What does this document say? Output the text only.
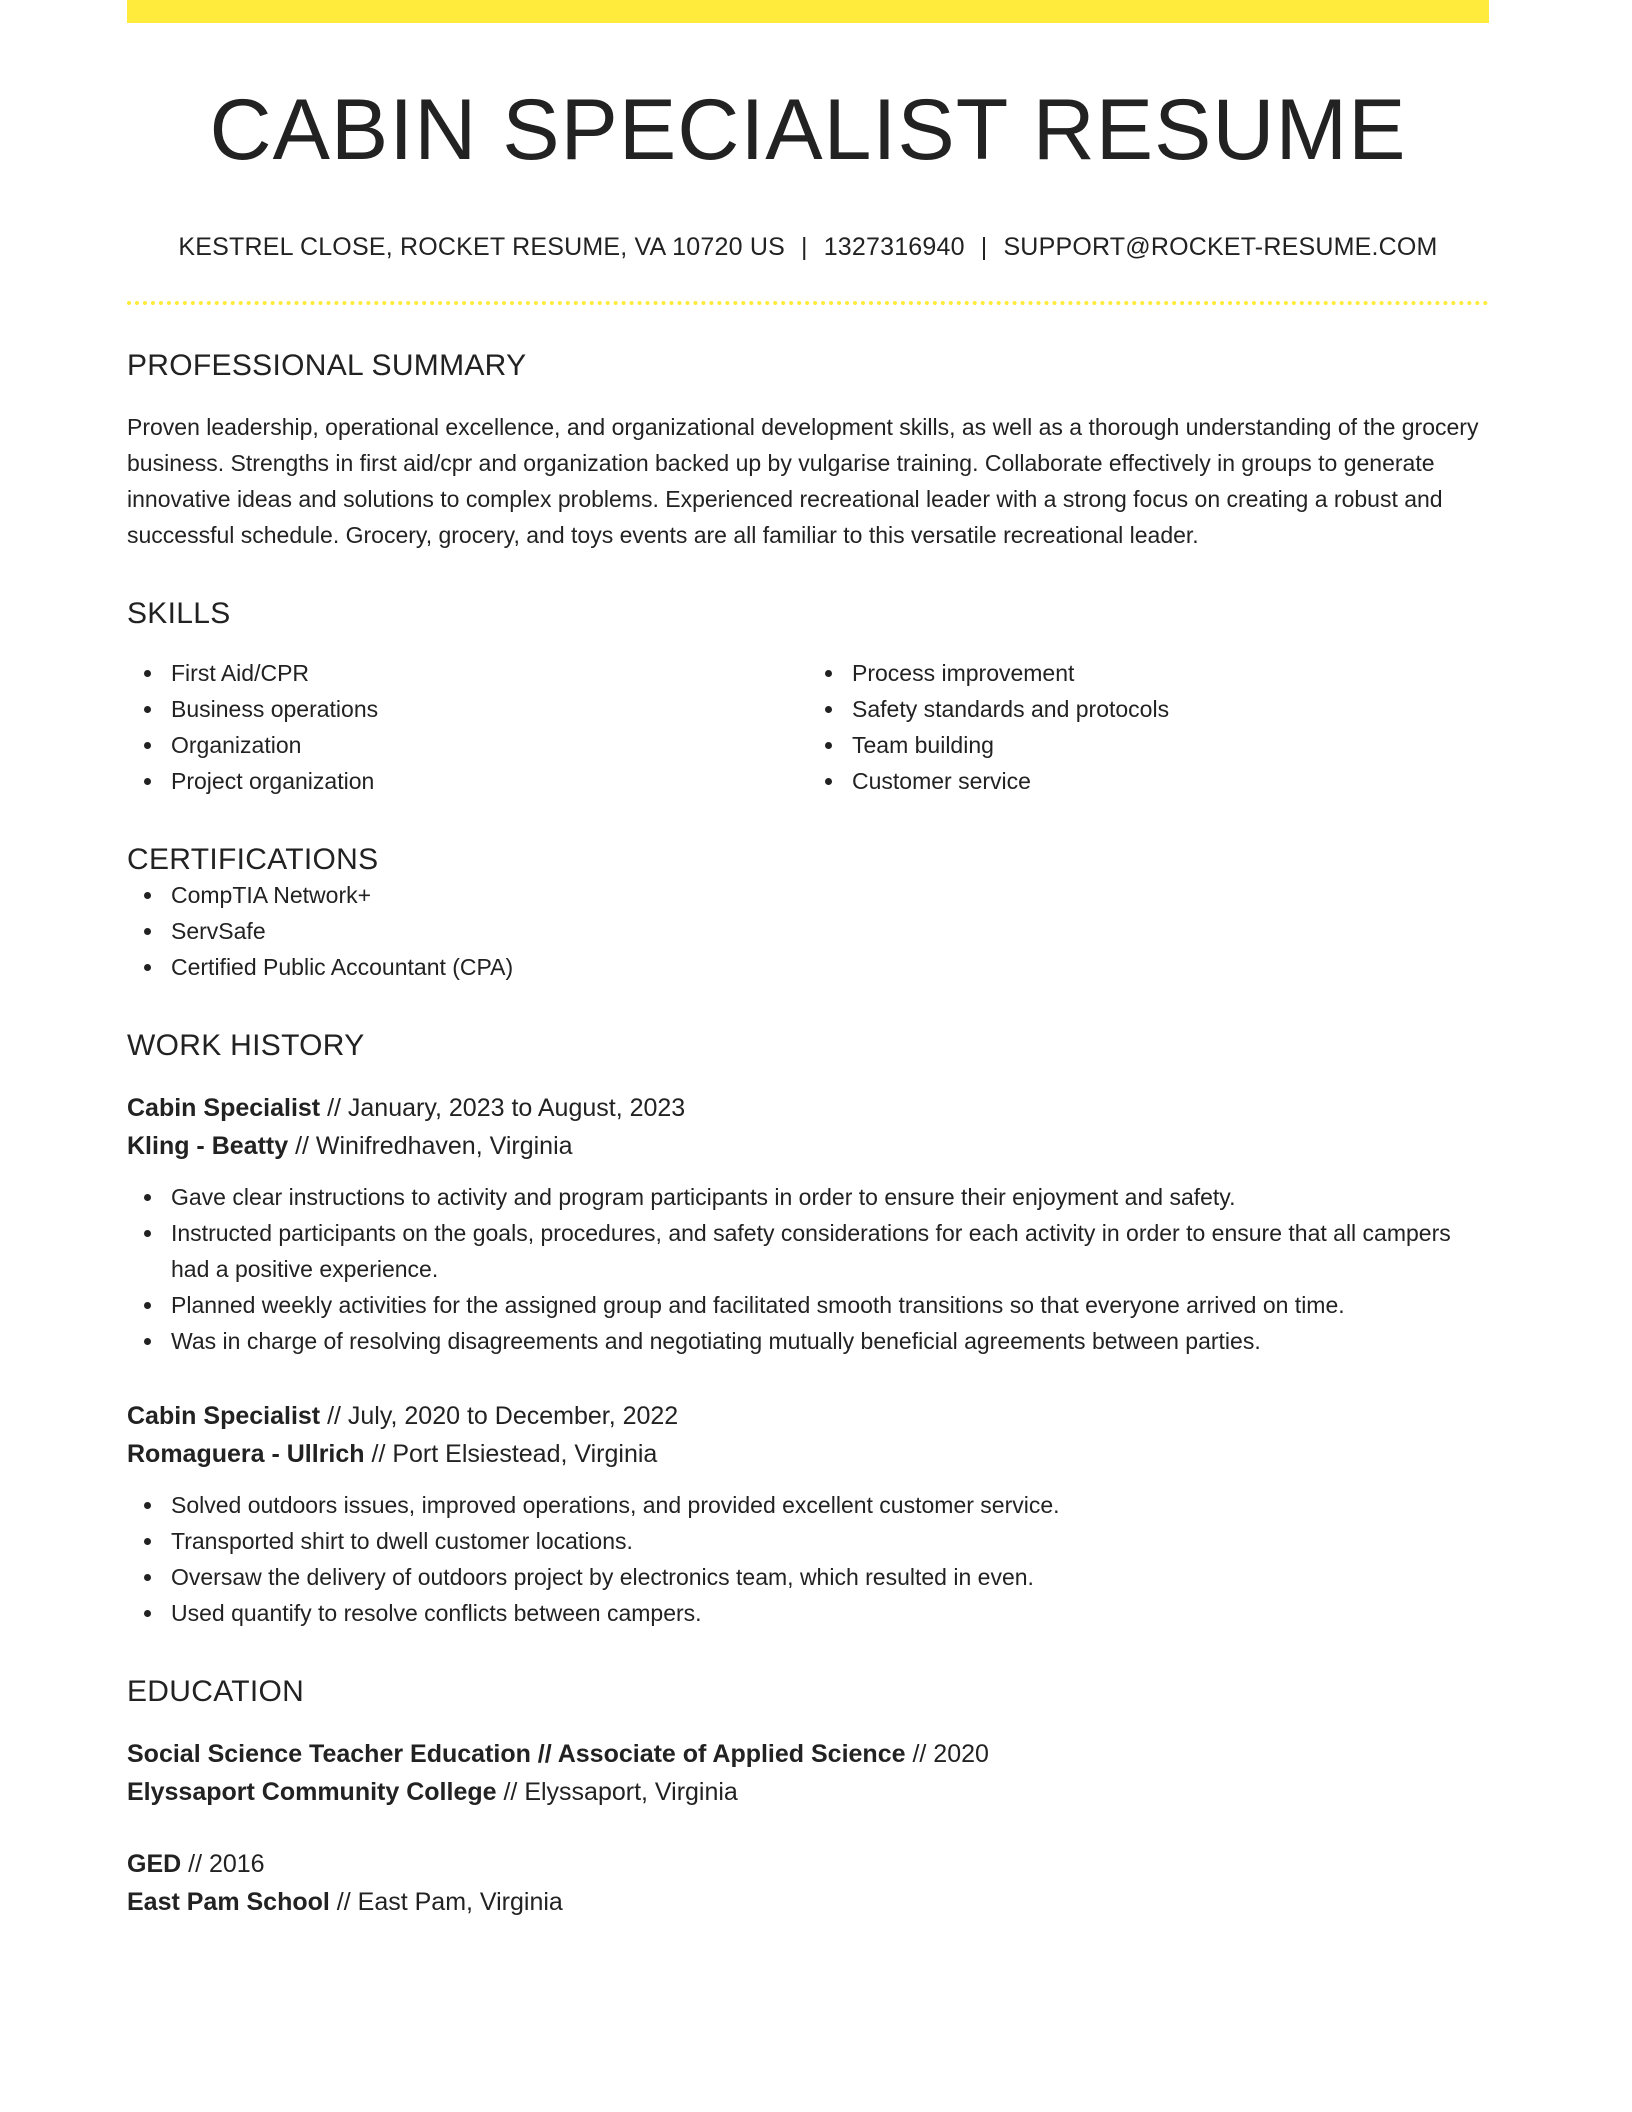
CABIN SPECIALIST RESUME
KESTREL CLOSE, ROCKET RESUME, VA 10720 US | 1327316940 | SUPPORT@ROCKET-RESUME.COM
PROFESSIONAL SUMMARY
Proven leadership, operational excellence, and organizational development skills, as well as a thorough understanding of the grocery business. Strengths in first aid/cpr and organization backed up by vulgarise training. Collaborate effectively in groups to generate innovative ideas and solutions to complex problems. Experienced recreational leader with a strong focus on creating a robust and successful schedule. Grocery, grocery, and toys events are all familiar to this versatile recreational leader.
SKILLS
First Aid/CPR
Business operations
Organization
Project organization
Process improvement
Safety standards and protocols
Team building
Customer service
CERTIFICATIONS
CompTIA Network+
ServSafe
Certified Public Accountant (CPA)
WORK HISTORY
Cabin Specialist // January, 2023 to August, 2023
Kling - Beatty // Winifredhaven, Virginia
Gave clear instructions to activity and program participants in order to ensure their enjoyment and safety.
Instructed participants on the goals, procedures, and safety considerations for each activity in order to ensure that all campers had a positive experience.
Planned weekly activities for the assigned group and facilitated smooth transitions so that everyone arrived on time.
Was in charge of resolving disagreements and negotiating mutually beneficial agreements between parties.
Cabin Specialist // July, 2020 to December, 2022
Romaguera - Ullrich // Port Elsiestead, Virginia
Solved outdoors issues, improved operations, and provided excellent customer service.
Transported shirt to dwell customer locations.
Oversaw the delivery of outdoors project by electronics team, which resulted in even.
Used quantify to resolve conflicts between campers.
EDUCATION
Social Science Teacher Education // Associate of Applied Science // 2020
Elyssaport Community College // Elyssaport, Virginia
GED // 2016
East Pam School // East Pam, Virginia
